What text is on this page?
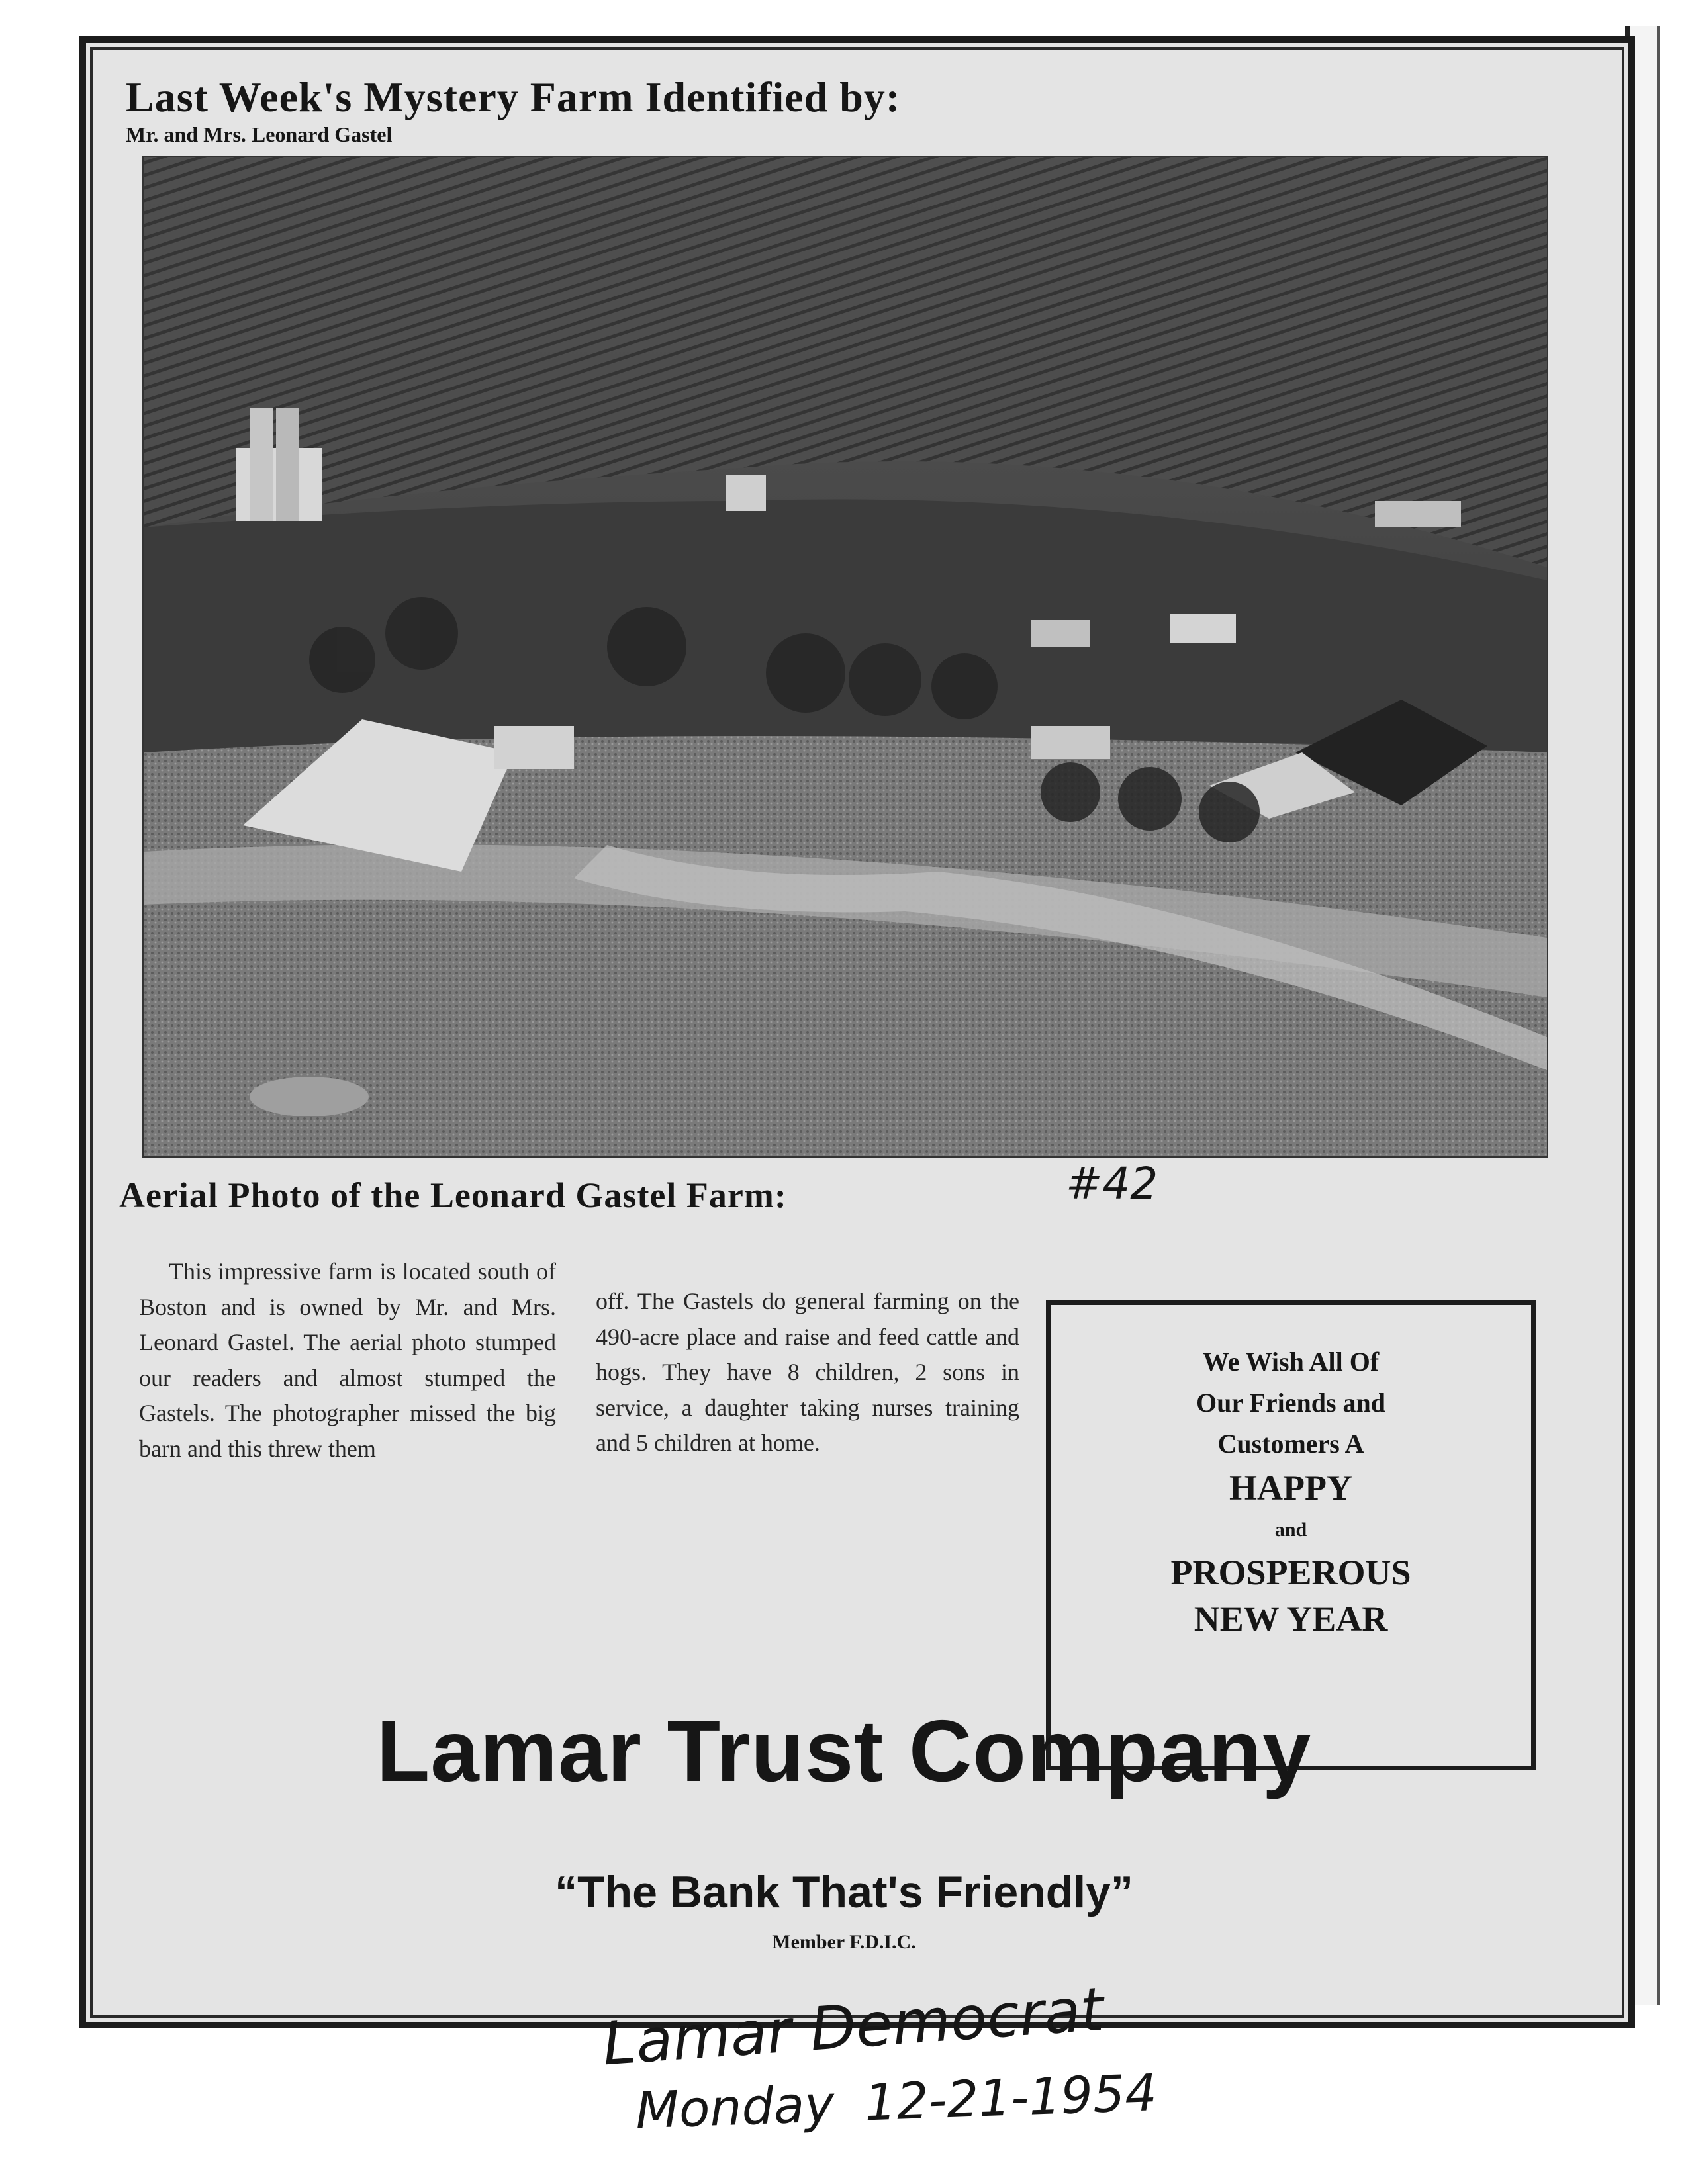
Last Week's Mystery Farm Identified by:
Mr. and Mrs. Leonard Gastel
Aerial Photo of the Leonard Gastel Farm:	#42
This impressive farm is located south of Boston and is owned by Mr. and Mrs. Leonard Gastel. The aerial photo stumped our readers and almost stumped the Gastels. The photographer missed the big barn and this threw them
off. The Gastels do general farming on the 490-acre place and raise and feed cattle and hogs. They have 8 children, 2 sons in service, a daughter taking nurses training and 5 children at home.
We Wish All Of
Our Friends and
Customers A
HAPPY
and
PROSPEROUS
NEW YEAR
Lamar Trust Company
“The Bank That's Friendly”
Member F.D.I.C.
Lamar Democrat
Monday 12-21-1954
